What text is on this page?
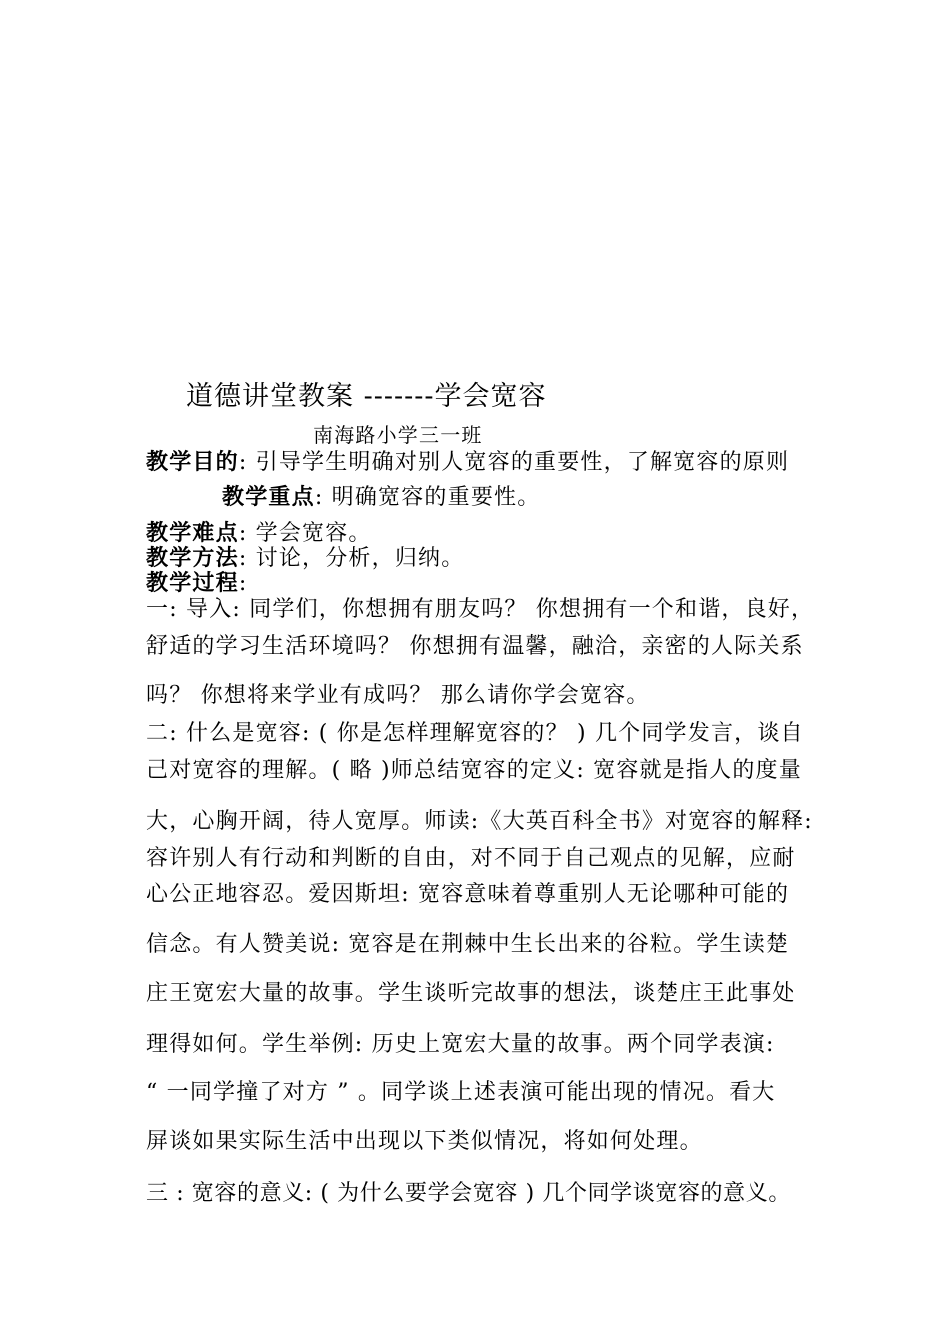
道德讲堂教案 -------学会宽容
南海路小学三一班
教学目的: 引导学生明确对别人宽容的重要性，了解宽容的原则
教学重点: 明确宽容的重要性。
教学难点: 学会宽容。
教学方法: 讨论，分析，归纳。
教学过程:
一: 导入: 同学们，你想拥有朋友吗？ 你想拥有一个和谐，良好，
舒适的学习生活环境吗？ 你想拥有温馨，融洽，亲密的人际关系
吗？ 你想将来学业有成吗？ 那么请你学会宽容。
二: 什么是宽容: ( 你是怎样理解宽容的？ ) 几个同学发言，谈自
己对宽容的理解。( 略 )师总结宽容的定义: 宽容就是指人的度量
大，心胸开阔，待人宽厚。师读:《大英百科全书》对宽容的解释:
容许别人有行动和判断的自由，对不同于自己观点的见解，应耐
心公正地容忍。爱因斯坦: 宽容意味着尊重别人无论哪种可能的
信念。有人赞美说: 宽容是在荆棘中生长出来的谷粒。学生读楚
庄王宽宏大量的故事。学生谈听完故事的想法，谈楚庄王此事处
理得如何。学生举例: 历史上宽宏大量的故事。两个同学表演:
“ 一同学撞了对方 ” 。同学谈上述表演可能出现的情况。看大
屏谈如果实际生活中出现以下类似情况，将如何处理。
三 : 宽容的意义: ( 为什么要学会宽容 ) 几个同学谈宽容的意义。
